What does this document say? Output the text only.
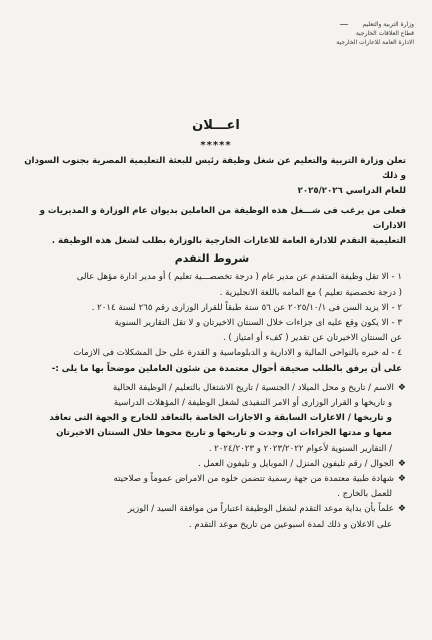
وزارة التربية والتعليم
قطاع العلاقات الخارجية
الادارة العامة للاعارات الخارجية
ـــ
اعـــلان
*****

تعلن وزارة التربية والتعليم عن شغل وظيفة رئيس للبعثة التعليمية المصرية بجنوب السودان و ذلك

للعام الدراسي ٢٠٢٥/٢٠٢٦

فعلى من يرغب فى شـــغل هذه الوظيفة من العاملين بديوان عام الوزارة و المديريات و الادارات

التعليمية التقدم للادارة العامة للاعارات الخارجية بالوزارة بطلب لشغل هذه الوظيفة .

شروط التقدم

١ - الا تقل وظيفة المتقدم عن مدير عام ( درجة تخصصـــية تعليم ) أو مدير ادارة مؤهل عالى

( درجة تخصصية تعليم ) مع المامه باللغة الانجليزية .

٢ - الا يزيد السن فى ٢٠٢٥/١٠/١ عن ٥٦ سنة طبقاً للقرار الوزارى رقم ٢٦٥ لسنة ٢٠١٤ .

٣ - الا يكون وقع عليه اى جزاءات خلال السنتان الاخيرتان و لا تقل التقارير السنوية

عن السنتان الاخيرتان عن تقدير ( كفء أو امتياز ) .

٤ - له خبره بالنواحى المالية و الادارية و الدبلوماسية و القدرة على حل المشكلات فى الازمات

على أن يرفق بالطلب صحيفة أحوال معتمدة من شئون العاملين موضحاً بها ما يلى :-

❖الاسم / تاريخ و محل الميلاد / الجنسية / تاريخ الاشتغال بالتعليم / الوظيفة الحالية

و تاريخها و القرار الوزارى أو الامر التنفيذى لشغل الوظيفة / المؤهلات الدراسية

و تاريخها / الاعارات السابقة و الاجازات الخاصة بالتعاقد للخارج و الجهة التى تعاقد

معها و مدتها الجزاءات ان وجدت و تاريخها و تاريخ محوها خلال السنتان الاخيرتان

/ التقارير السنوية لأعوام ٢٠٢٣/٢٠٢٢ و ٢٠٢٤/٢٠٢٣ .

❖الجوال / رقم تليفون المنزل / الموبايل و تليفون العمل .

❖شهادة طبية معتمدة من جهة رسمية تتضمن خلوه من الامراض عموماً و صلاحيته

للعمل بالخارج .

❖علماً بأن بداية موعد التقدم لشغل الوظيفة اعتباراً من موافقة السيد / الوزير

على الاعلان و ذلك لمدة اسبوعين من تاريخ موعد التقدم .
